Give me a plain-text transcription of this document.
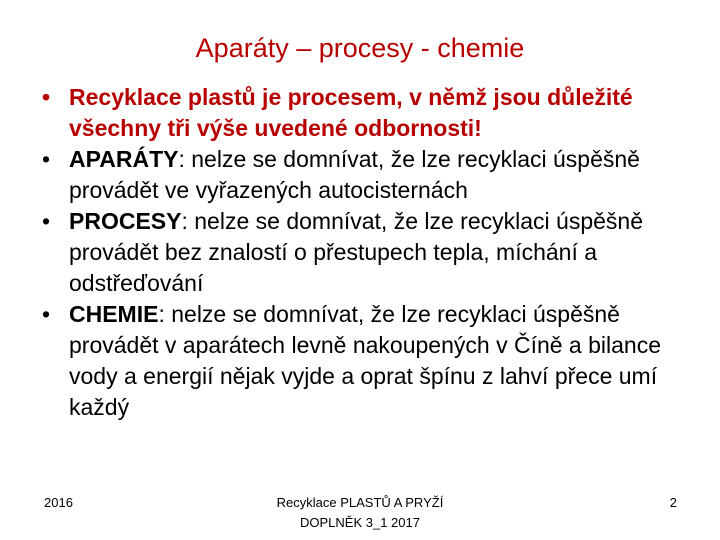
Aparáty – procesy - chemie
• Recyklace plastů je procesem, v němž jsou důležité všechny tři výše uvedené odbornosti!
• APARÁTY: nelze se domnívat, že lze recyklaci úspěšně provádět ve vyřazených autocisternách
• PROCESY: nelze se domnívat, že lze recyklaci úspěšně provádět bez znalostí o přestupech tepla, míchání a odstřeďování
• CHEMIE: nelze se domnívat, že lze recyklaci úspěšně provádět v aparátech levně nakoupených v Číně a bilance vody a energií nějak vyjde a oprat špínu z lahví přece umí každý
2016	Recyklace PLASTŮ A PRYŽÍ
DOPLNĚK 3_1 2017
2
